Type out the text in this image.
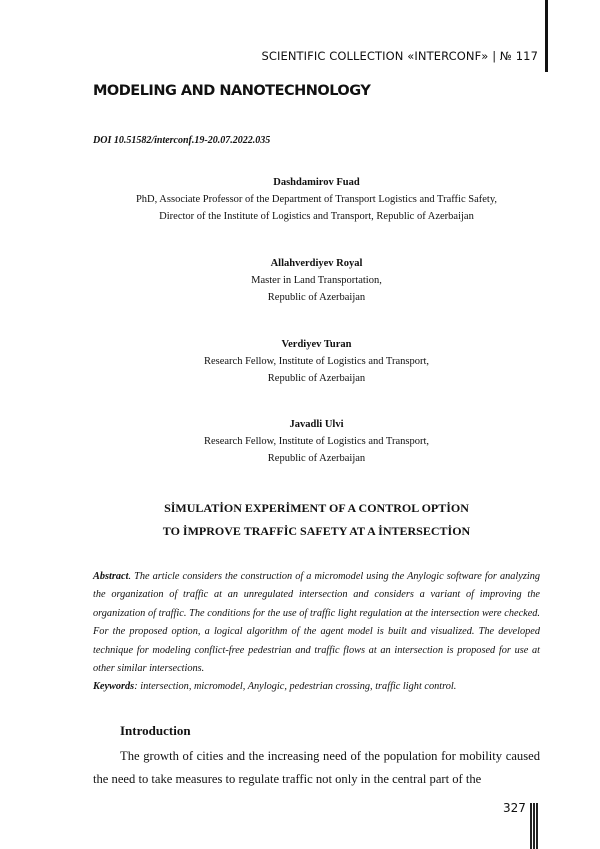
SCIENTIFIC COLLECTION «INTERCONF» | № 117
MODELING AND NANOTECHNOLOGY
DOI 10.51582/interconf.19-20.07.2022.035
Dashdamirov Fuad
PhD, Associate Professor of the Department of Transport Logistics and Traffic Safety,
Director of the Institute of Logistics and Transport, Republic of Azerbaijan
Allahverdiyev Royal
Master in Land Transportation,
Republic of Azerbaijan
Verdiyev Turan
Research Fellow, Institute of Logistics and Transport,
Republic of Azerbaijan
Javadli Ulvi
Research Fellow, Institute of Logistics and Transport,
Republic of Azerbaijan
SİMULATİON EXPERİMENT OF A CONTROL OPTİON
TO İMPROVE TRAFFİC SAFETY AT A İNTERSECTİON
Abstract. The article considers the construction of a micromodel using the Anylogic software for analyzing the organization of traffic at an unregulated intersection and considers a variant of improving the organization of traffic. The conditions for the use of traffic light regulation at the intersection were checked. For the proposed option, a logical algorithm of the agent model is built and visualized. The developed technique for modeling conflict-free pedestrian and traffic flows at an intersection is proposed for use at other similar intersections.
Keywords: intersection, micromodel, Anylogic, pedestrian crossing, traffic light control.
Introduction
The growth of cities and the increasing need of the population for mobility caused the need to take measures to regulate traffic not only in the central part of the
327
